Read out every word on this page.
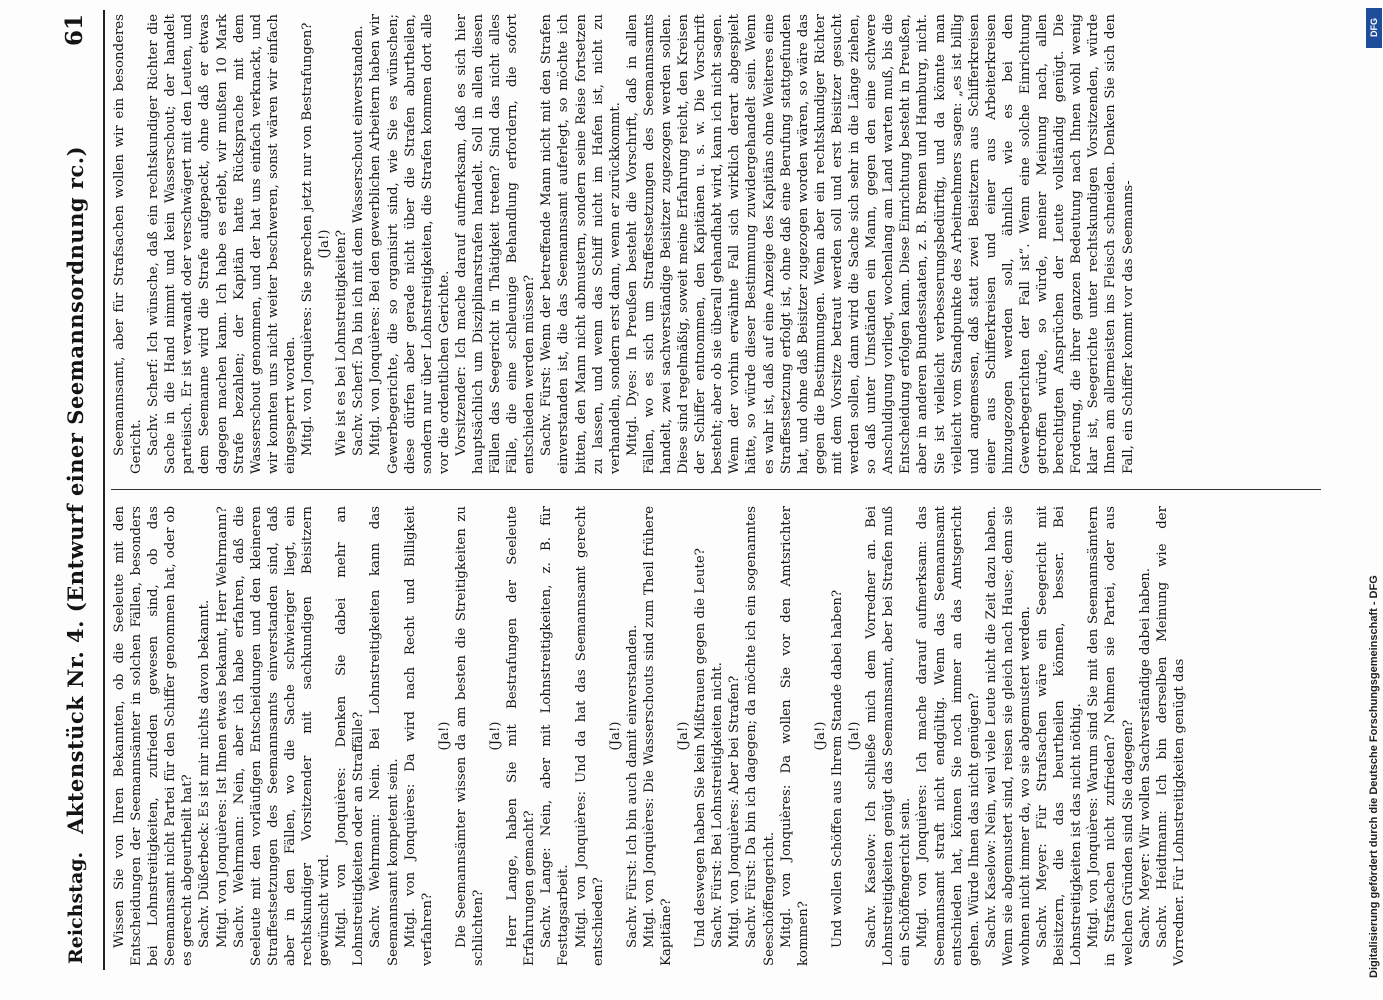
Reichstag.
Aktenstück Nr. 4. (Entwurf einer Seemannsordnung rc.)
61

Wissen Sie von Ihren Bekannten, ob die Seeleute mit den Entscheidungen der Seemannsämter in solchen Fällen, besonders bei Lohnstreitigkeiten, zufrieden gewesen sind, ob das Seemannsamt nicht Partei für den Schiffer genommen hat, oder ob es gerecht abgeurtheilt hat? Sachv. Düßerbeck: Es ist mir nichts davon bekannt. Mitgl. von Jonquières: Ist Ihnen etwas bekannt, Herr Wehrmann? Sachv. Wehrmann: Nein, aber ich habe erfahren, daß die Seeleute mit den vorläufigen Entscheidungen und den kleineren Straffestsetzungen des Seemannsamts einverstanden sind, daß aber in den Fällen, wo die Sache schwieriger liegt, ein rechtskundiger Vorsitzender mit sachkundigen Beisitzern gewünscht wird. Mitgl. von Jonquières: Denken Sie dabei mehr an Lohnstreitigkeiten oder an Straffälle? Sachv. Wehrmann: Nein. Bei Lohnstreitigkeiten kann das Seemannsamt kompetent sein. Mitgl. von Jonquières: Da wird nach Recht und Billigkeit verfahren?

(Ja!) Die Seemannsämter wissen da am besten die Streitigkeiten zu schlichten?

(Ja!) Herr Lange, haben Sie mit Bestrafungen der Seeleute Erfahrungen gemacht? Sachv. Lange: Nein, aber mit Lohnstreitigkeiten, z. B. für Festtagsarbeit. Mitgl. von Jonquières: Und da hat das Seemannsamt gerecht entschieden?

(Ja!) Sachv. Fürst: Ich bin auch damit einverstanden. Mitgl. von Jonquières: Die Wasserschouts sind zum Theil frühere Kapitäne?

(Ja!) Und deswegen haben Sie kein Mißtrauen gegen die Leute? Sachv. Fürst: Bei Lohnstreitigkeiten nicht. Mitgl. von Jonquières: Aber bei Strafen? Sachv. Fürst: Da bin ich dagegen; da möchte ich ein sogenanntes Seeschöffengericht. Mitgl. von Jonquières: Da wollen Sie vor den Amtsrichter kommen?

(Ja!) Und wollen Schöffen aus Ihrem Stande dabei haben? (Ja!) Sachv. Kaselow: Ich schließe mich dem Vorredner an. Bei Lohnstreitigkeiten genügt das Seemannsamt, aber bei Strafen muß ein Schöffengericht sein. Mitgl. von Jonquières: Ich mache darauf aufmerksam: das Seemannsamt straft nicht endgültig. Wenn das Seemannsamt entschieden hat, können Sie noch immer an das Amtsgericht gehen. Würde Ihnen das nicht genügen? Sachv. Kaselow: Nein, weil viele Leute nicht die Zeit dazu haben. Wenn sie abgemustert sind, reisen sie gleich nach Hause; denn sie wohnen nicht immer da, wo sie abgemustert werden. Sachv. Meyer: Für Strafsachen wäre ein Seegericht mit Beisitzern, die das beurtheilen können, besser. Bei Lohnstreitigkeiten ist das nicht nöthig. Mitgl. von Jonquières: Warum sind Sie mit den Seemannsämtern in Strafsachen nicht zufrieden? Nehmen sie Partei, oder aus welchen Gründen sind Sie dagegen? Sachv. Meyer: Wir wollen Sachverständige dabei haben. Sachv. Heidtmann: Ich bin derselben Meinung wie der Vorredner. Für Lohnstreitigkeiten genügt das

Seemannsamt, aber für Strafsachen wollen wir ein besonderes Gericht. Sachv. Scherf: Ich wünsche, daß ein rechtskundiger Richter die Sache in die Hand nimmt und kein Wasserschout; der handelt parteiisch. Er ist verwandt oder verschwägert mit den Leuten, und dem Seemanne wird die Strafe aufgepackt, ohne daß er etwas dagegen machen kann. Ich habe es erlebt, wir mußten 10 Mark Strafe bezahlen; der Kapitän hatte Rücksprache mit dem Wasserschout genommen, und der hat uns einfach verknackt, und wir konnten uns nicht weiter beschweren, sonst wären wir einfach eingesperrt worden. Mitgl. von Jonquières: Sie sprechen jetzt nur von Bestrafungen? (Ja!) Wie ist es bei Lohnstreitigkeiten? Sachv. Scherf: Da bin ich mit dem Wasserschout einverstanden. Mitgl. von Jonquières: Bei den gewerblichen Arbeitern haben wir Gewerbegerichte, die so organisirt sind, wie Sie es wünschen; diese dürfen aber gerade nicht über die Strafen aburtheilen, sondern nur über Lohnstreitigkeiten, die Strafen kommen dort alle vor die ordentlichen Gerichte. Vorsitzender: Ich mache darauf aufmerksam, daß es sich hier hauptsächlich um Disziplinarstrafen handelt. Soll in allen diesen Fällen das Seegericht in Thätigkeit treten? Sind das nicht alles Fälle, die eine schleunige Behandlung erfordern, die sofort entschieden werden müssen? Sachv. Fürst: Wenn der betreffende Mann nicht mit den Strafen einverstanden ist, die das Seemannsamt auferlegt, so möchte ich bitten, den Mann nicht abmustern, sondern seine Reise fortsetzen zu lassen, und wenn das Schiff nicht im Hafen ist, nicht zu verhandeln, sondern erst dann, wenn er zurückkommt. Mitgl. Dyes: In Preußen besteht die Vorschrift, daß in allen Fällen, wo es sich um Straffestsetzungen des Seemannsamts handelt, zwei sachverständige Beisitzer zugezogen werden sollen. Diese sind regelmäßig, soweit meine Erfahrung reicht, den Kreisen der Schiffer entnommen, den Kapitänen u. s. w. Die Vorschrift besteht; aber ob sie überall gehandhabt wird, kann ich nicht sagen. Wenn der vorhin erwähnte Fall sich wirklich derart abgespielt hätte, so würde dieser Bestimmung zuwidergehandelt sein. Wenn es wahr ist, daß auf eine Anzeige des Kapitäns ohne Weiteres eine Straffestsetzung erfolgt ist, ohne daß eine Berufung stattgefunden hat, und ohne daß Beisitzer zugezogen worden wären, so wäre das gegen die Bestimmungen. Wenn aber ein rechtskundiger Richter mit dem Vorsitze betraut werden soll und erst Beisitzer gesucht werden sollen, dann wird die Sache sich sehr in die Länge ziehen, so daß unter Umständen ein Mann, gegen den eine schwere Anschuldigung vorliegt, wochenlang am Land warten muß, bis die Entscheidung erfolgen kann. Diese Einrichtung besteht in Preußen, aber in anderen Bundesstaaten, z. B. Bremen und Hamburg, nicht. Sie ist vielleicht verbesserungsbedürftig, und da könnte man vielleicht vom Standpunkte des Arbeitnehmers sagen: „es ist billig und angemessen, daß statt zwei Beisitzern aus Schifferkreisen einer aus Schifferkreisen und einer aus Arbeiterkreisen hinzugezogen werden soll, ähnlich wie es bei den Gewerbegerichten der Fall ist“. Wenn eine solche Einrichtung getroffen würde, so würde, meiner Meinung nach, allen berechtigten Ansprüchen der Leute vollständig genügt. Die Forderung, die ihrer ganzen Bedeutung nach Ihnen wohl wenig klar ist, Seegerichte unter rechtskundigen Vorsitzenden, würde Ihnen am allermeisten ins Fleisch schneiden. Denken Sie sich den Fall, ein Schiffer kommt vor das Seemanns-

Digitalisierung gefördert durch die Deutsche Forschungsgemeinschaft - DFG
DFG
